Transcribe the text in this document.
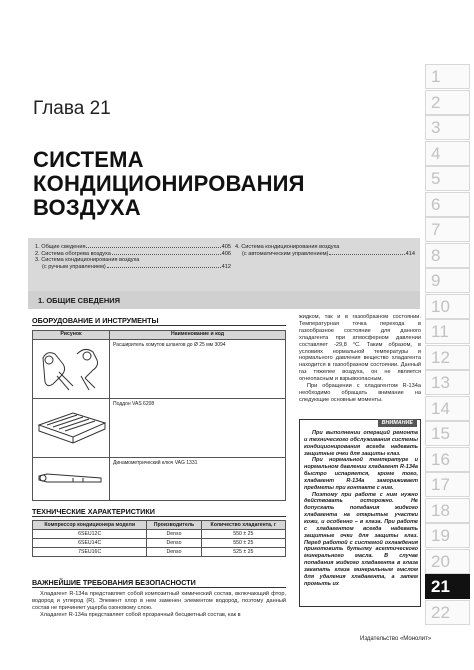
Глава 21
СИСТЕМА
КОНДИЦИОНИРОВАНИЯ
ВОЗДУХА
1. Общие сведения	405
2. Система обогрева воздуха	406
3. Система кондиционирования воздуха
(с ручным управлением)	412
4. Система кондиционирования воздуха
(с автоматическим управлением)	414
1. ОБЩИЕ СВЕДЕНИЯ
ОБОРУДОВАНИЕ И ИНСТРУМЕНТЫ
Рисунок	Наименование и код
	Расширитель хомутов шлангов до Ø 25 мм 3094
	Поддон VAS 6208
	Динамометрический ключ VAG 1331
ТЕХНИЧЕСКИЕ ХАРАКТЕРИСТИКИ
Компрессор кондиционера модели	Производитель	Количество хладагента, г
6SEU12C	Denso	550 ± 25
6SEU14C	Denso	550 ± 25
7SEU16C	Denso	525 ± 25
ВАЖНЕЙШИЕ ТРЕБОВАНИЯ БЕЗОПАСНОСТИ

Хладагент R-134a представляет собой композитный химический состав, включающий фтор, водород и углерод (R). Элемент хлор в нем заменен элементом водород, поэтому данный состав не причиняет ущерба озоновому слою.

Хладагент R-134a представляет собой прозрачный бесцветный состав, как в

жидком, так и в газообразном состоянии. Температурная точка перехода в газообразное состояние для данного хладагента при атмосферном давлении составляет -29,8 °С. Таким образом, в условиях нормальной температуры и нормального давления вещество хладагента находится в газообразном состоянии. Данный газ тяжелее воздуха, он не является огнеопасным и взрывоопасным.

При обращении с хладагентом R-134a необходимо обращать внимание на следующие основные моменты.

ВНИМАНИЕ

При выполнении операций ремонта и технического обслуживания системы кондиционирования всегда надевать защитные очки для защиты глаз.

При нормальной температуре и нормальном давлении хладагент R-134a быстро испаряется, кроме того, хладагент R-134a замораживает предметы при контакте с ним.

Поэтому при работе с ним нужно действовать осторожно. Не допускать попадания жидкого хладагента на открытые участки кожи, и особенно – в глаза. При работе с хладагентом всегда надевать защитные очки для защиты глаз. Перед работой с системой охлаждения приготовить бутылку асептического минерального масла. В случае попадания жидкого хладагента в глаза закапать глаза минеральным маслом для удаления хладагента, а затем промыть их

Издательство «Монолит»
1
2
3
4
5
6
7
8
9
10
11
12
13
14
15
16
17
18
19
20
21
22
